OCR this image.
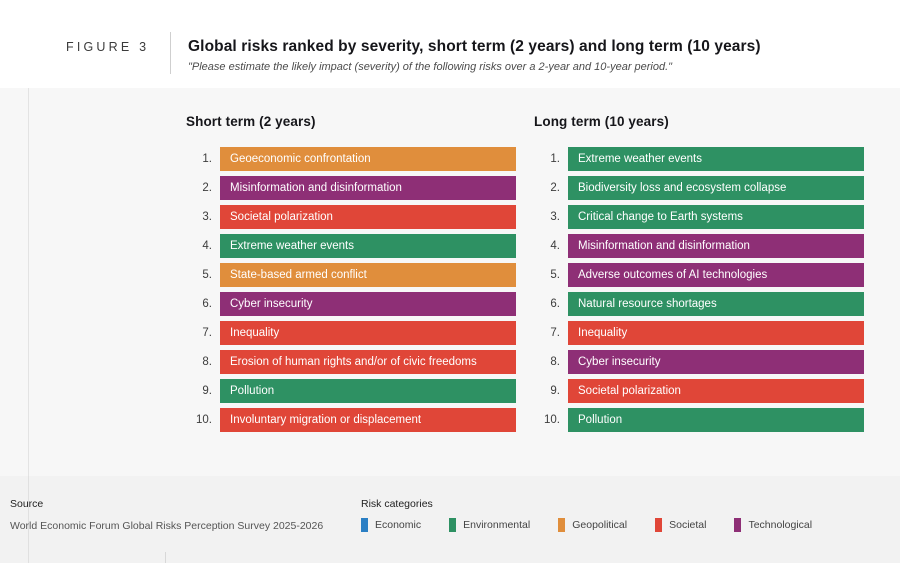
FIGURE 3	Global risks ranked by severity, short term (2 years) and long term (10 years)
"Please estimate the likely impact (severity) of the following risks over a 2-year and 10-year period."
Short term (2 years)
1.	Geoeconomic confrontation
2.	Misinformation and disinformation
3.	Societal polarization
4.	Extreme weather events
5.	State-based armed conflict
6.	Cyber insecurity
7.	Inequality
8.	Erosion of human rights and/or of civic freedoms
9.	Pollution
10.	Involuntary migration or displacement
Long term (10 years)
1.	Extreme weather events
2.	Biodiversity loss and ecosystem collapse
3.	Critical change to Earth systems
4.	Misinformation and disinformation
5.	Adverse outcomes of AI technologies
6.	Natural resource shortages
7.	Inequality
8.	Cyber insecurity
9.	Societal polarization
10.	Pollution
Source
World Economic Forum Global Risks Perception Survey 2025-2026
Risk categories
Economic	Environmental	Geopolitical	Societal	Technological
